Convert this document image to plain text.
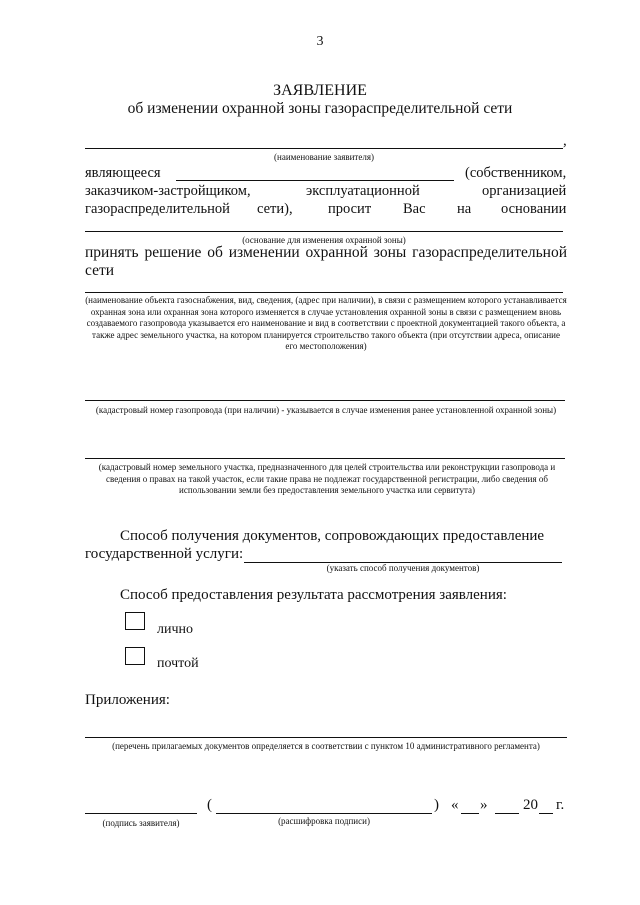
3
ЗАЯВЛЕНИЕ
об изменении охранной зоны газораспределительной сети
,
(наименование заявителя)
являющееся	(собственником,
заказчиком-застройщиком,	эксплуатационной	организацией
газораспределительной сети), просит Вас на основании
(основание для изменения охранной зоны)
принять решение об изменении охранной зоны газораспределительной сети
(наименование объекта газоснабжения, вид, сведения, (адрес при наличии), в связи с размещением которого устанавливается охранная зона или охранная зона которого изменяется в случае установления охранной зоны в связи с размещением вновь создаваемого газопровода указывается его наименование и вид в соответствии с проектной документацией такого объекта, а также адрес земельного участка, на котором планируется строительство такого объекта (при отсутствии адреса, описание его местоположения)
(кадастровый номер газопровода (при наличии) - указывается в случае изменения ранее установленной охранной зоны)
(кадастровый номер земельного участка, предназначенного для целей строительства или реконструкции газопровода и сведения о правах на такой участок, если такие права не подлежат государственной регистрации, либо сведения об использовании земли без предоставления земельного участка или сервитута)
Способ получения документов, сопровождающих предоставление
государственной услуги:
(указать способ получения документов)
Способ предоставления результата рассмотрения заявления:
лично
почтой
Приложения:
(перечень прилагаемых документов определяется в соответствии с пунктом 10 административного регламента)
(	) « » 20 г.
(подпись заявителя)	(расшифровка подписи)
